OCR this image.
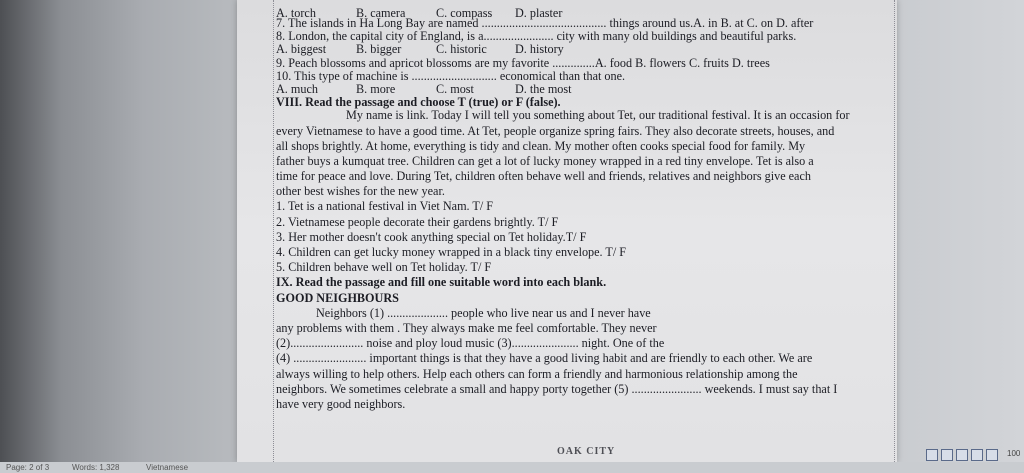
A. torch	B. camera	C. compass D. plaster
7. The islands in Ha Long Bay are named ......................................... things around us.A. in B. at C. on D. after
8. London, the capital city of England, is a....................... city with many old buildings and beautiful parks.
A. biggest B. bigger	C. historic D. history
9. Peach blossoms and apricot blossoms are my favorite ..............A. food B. flowers C. fruits D. trees
10. This type of machine is ............................ economical than that one.
A. much	B. more	C. most	D. the most
VIII. Read the passage and choose T (true) or F (false).
My name is link. Today I will tell you something about Tet, our traditional festival. It is an occasion for
every Vietnamese to have a good time. At Tet, people organize spring fairs. They also decorate streets, houses, and
all shops brightly. At home, everything is tidy and clean. My mother often cooks special food for family. My
father buys a kumquat tree. Children can get a lot of lucky money wrapped in a red tiny envelope. Tet is also a
time for peace and love. During Tet, children often behave well and friends, relatives and neighbors give each
other best wishes for the new year.
1. Tet is a national festival in Viet Nam. T/ F
2. Vietnamese people decorate their gardens brightly. T/ F
3. Her mother doesn't cook anything special on Tet holiday.T/ F
4. Children can get lucky money wrapped in a black tiny envelope. T/ F
5. Children behave well on Tet holiday. T/ F
IX. Read the passage and fill one suitable word into each blank.
GOOD NEIGHBOURS
Neighbors (1) .................... people who live near us and I never have
any problems with them . They always make me feel comfortable. They never
(2)........................ noise and ploy loud music (3)...................... night. One of the
(4) ........................ important things is that they have a good living habit and are friendly to each other. We are
always willing to help others. Help each others can form a friendly and harmonious relationship among the
neighbors. We sometimes celebrate a small and happy porty together (5) ....................... weekends. I must say that I
have very good neighbors.
OAK CITY	100
Page: 2 of 3	Words: 1,328	Vietnamese
